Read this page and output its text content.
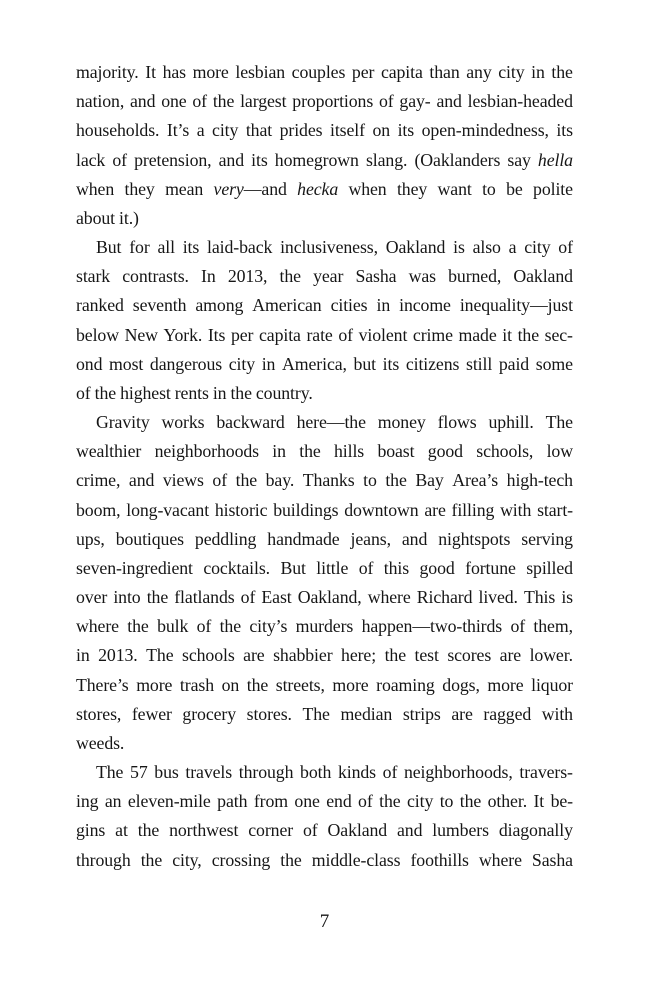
majority. It has more lesbian couples per capita than any city in the
nation, and one of the largest proportions of gay- and lesbian-headed
households. It’s a city that prides itself on its open-mindedness, its
lack of pretension, and its homegrown slang. (Oaklanders say hella
when they mean very—and hecka when they want to be polite
about it.)
But for all its laid-back inclusiveness, Oakland is also a city of
stark contrasts. In 2013, the year Sasha was burned, Oakland
ranked seventh among American cities in income inequality—just
below New York. Its per capita rate of violent crime made it the sec-
ond most dangerous city in America, but its citizens still paid some
of the highest rents in the country.
Gravity works backward here—the money flows uphill. The
wealthier neighborhoods in the hills boast good schools, low
crime, and views of the bay. Thanks to the Bay Area’s high-tech
boom, long-vacant historic buildings downtown are filling with start-
ups, boutiques peddling handmade jeans, and nightspots serving
seven-ingredient cocktails. But little of this good fortune spilled
over into the flatlands of East Oakland, where Richard lived. This is
where the bulk of the city’s murders happen—two-thirds of them,
in 2013. The schools are shabbier here; the test scores are lower.
There’s more trash on the streets, more roaming dogs, more liquor
stores, fewer grocery stores. The median strips are ragged with
weeds.
The 57 bus travels through both kinds of neighborhoods, travers-
ing an eleven-mile path from one end of the city to the other. It be-
gins at the northwest corner of Oakland and lumbers diagonally
through the city, crossing the middle-class foothills where Sasha
7
